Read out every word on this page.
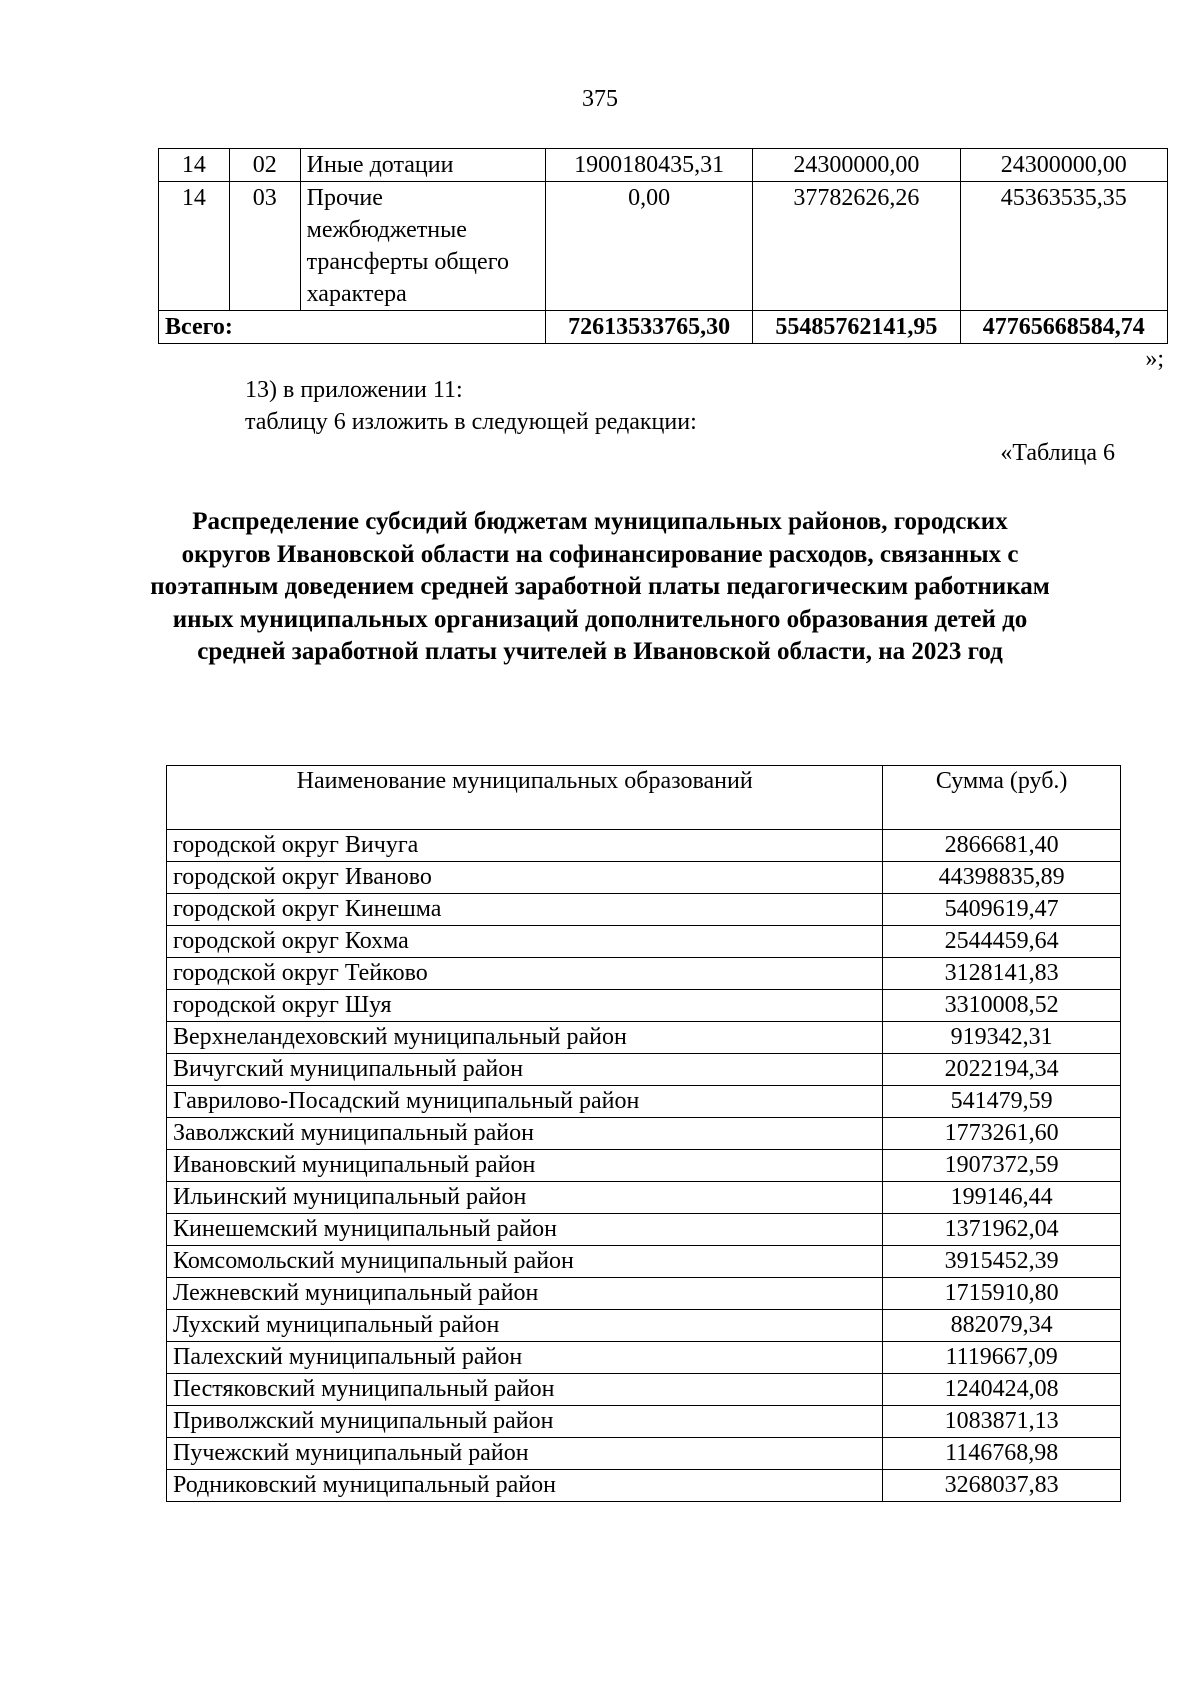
375
14	02	Иные дотации	1900180435,31	24300000,00	24300000,00
14	03	Прочие межбюджетные трансферты общего характера	0,00	37782626,26	45363535,35
Всего:			72613533765,30	55485762141,95	47765668584,74
»;
13) в приложении 11:
таблицу 6 изложить в следующей редакции:
«Таблица 6
Распределение субсидий бюджетам муниципальных районов, городских округов Ивановской области на софинансирование расходов, связанных с поэтапным доведением средней заработной платы педагогическим работникам иных муниципальных организаций дополнительного образования детей до средней заработной платы учителей в Ивановской области, на 2023 год
Наименование муниципальных образований	Сумма (руб.)
городской округ Вичуга	2866681,40
городской округ Иваново	44398835,89
городской округ Кинешма	5409619,47
городской округ Кохма	2544459,64
городской округ Тейково	3128141,83
городской округ Шуя	3310008,52
Верхнеландеховский муниципальный район	919342,31
Вичугский муниципальный район	2022194,34
Гаврилово-Посадский муниципальный район	541479,59
Заволжский муниципальный район	1773261,60
Ивановский муниципальный район	1907372,59
Ильинский муниципальный район	199146,44
Кинешемский муниципальный район	1371962,04
Комсомольский муниципальный район	3915452,39
Лежневский муниципальный район	1715910,80
Лухский муниципальный район	882079,34
Палехский муниципальный район	1119667,09
Пестяковский муниципальный район	1240424,08
Приволжский муниципальный район	1083871,13
Пучежский муниципальный район	1146768,98
Родниковский муниципальный район	3268037,83
